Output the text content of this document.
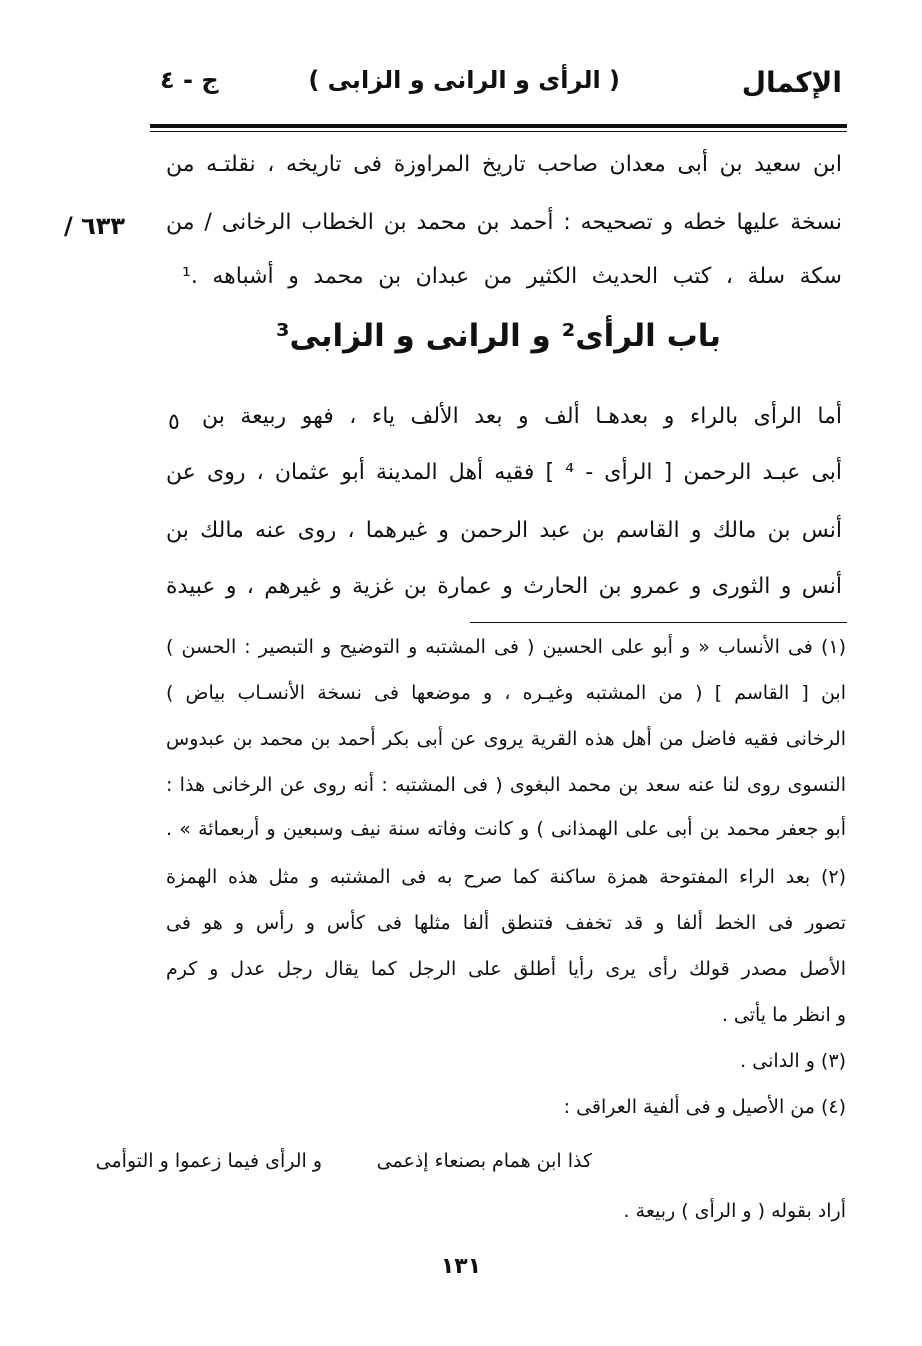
الإكمال
( الرأى و الرانى و الزابى )
ج - ٤
ابن سعيد بن أبى معدان صاحب تاريخ المراوزة فى تاريخه ، نقلتـه من
نسخة عليها خطه و تصحيحه : أحمد بن محمد بن الخطاب الرخانى / من
سكة سلة ، كتب الحديث الكثير من عبدان بن محمد و أشباهه .¹
/ ٦٣٣
باب الرأى² و الرانى و الزابى³
٥ أما الرأى بالراء و بعدهـا ألف و بعد الألف ياء ، فهو ربيعة بن
أبى عبـد الرحمن [ الرأى - ⁴ ] فقيه أهل المدينة أبو عثمان ، روى عن
أنس بن مالك و القاسم بن عبد الرحمن و غيرهما ، روى عنه مالك بن
أنس و الثورى و عمرو بن الحارث و عمارة بن غزية و غيرهم ، و عبيدة
(١) فى الأنساب « و أبو على الحسين ( فى المشتبه و التوضيح و التبصير : الحسن )
ابن [ القاسم ] ( من المشتبه وغيـره ، و موضعها فى نسخة الأنسـاب بياض )
الرخانى فقيه فاضل من أهل هذه القرية يروى عن أبى بكر أحمد بن محمد بن عبدوس
النسوى روى لنا عنه سعد بن محمد البغوى ( فى المشتبه : أنه روى عن الرخانى هذا :
أبو جعفر محمد بن أبى على الهمذانى ) و كانت وفاته سنة نيف وسبعين و أربعمائة » .
(٢) بعد الراء المفتوحة همزة ساكنة كما صرح به فى المشتبه و مثل هذه الهمزة
تصور فى الخط ألفا و قد تخفف فتنطق ألفا مثلها فى كأس و رأس و هو فى
الأصل مصدر قولك رأى يرى رأيا أطلق على الرجل كما يقال رجل عدل و كرم
و انظر ما يأتى .
(٣) و الدانى .
(٤) من الأصيل و فى ألفية العراقى :
كذا ابن همام بصنعاء إذعمى
و الرأى فيما زعموا و التوأمى
أراد بقوله ( و الرأى ) ربيعة .
١٣١
